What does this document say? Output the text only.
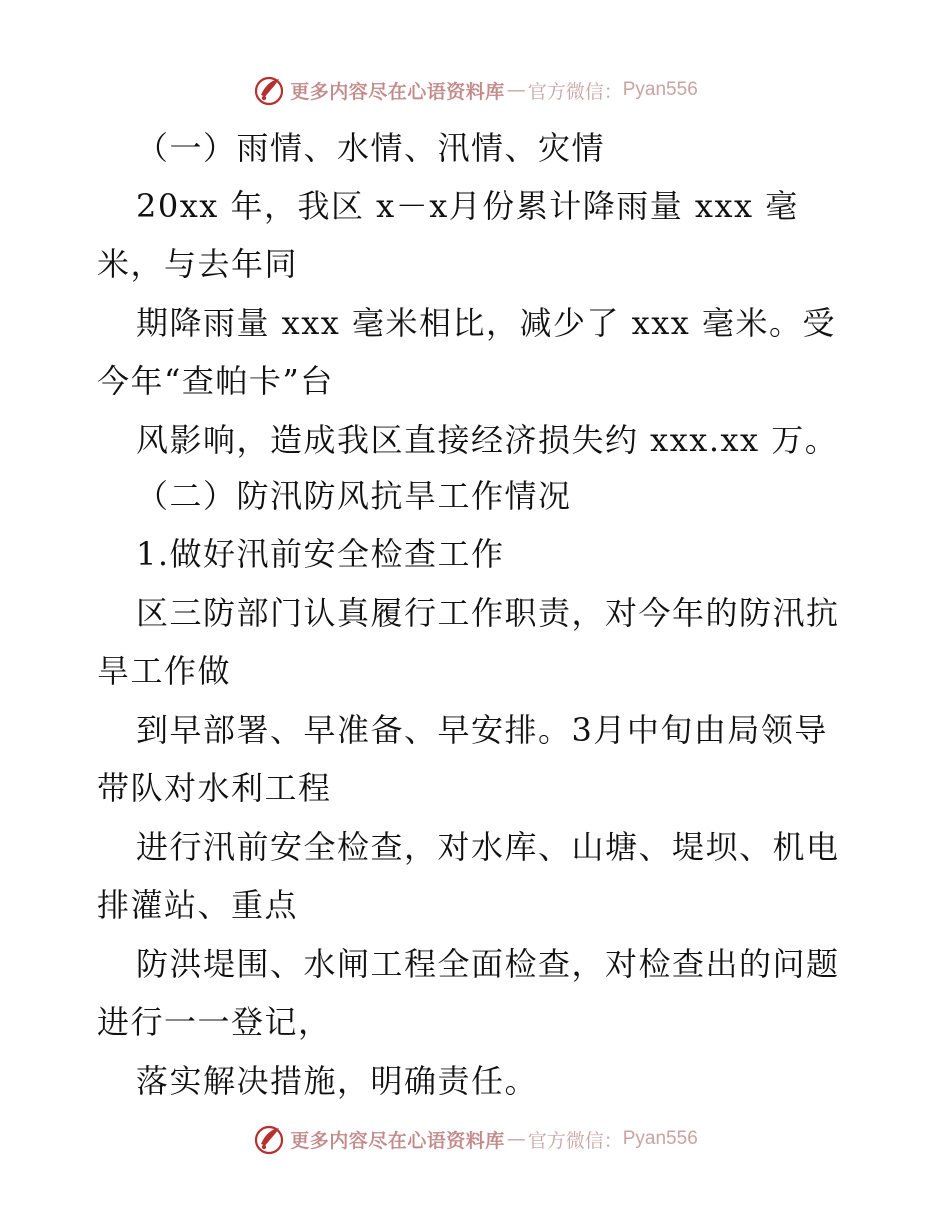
更多内容尽在心语资料库 — 官方微信： Pyan556
（一）雨情、水情、汛情、灾情
20xx 年，我区 x－x月份累计降雨量 xxx 毫
米，与去年同
期降雨量 xxx 毫米相比，减少了 xxx 毫米。受
今年“查帕卡”台
风影响，造成我区直接经济损失约 xxx.xx 万。
（二）防汛防风抗旱工作情况
1.做好汛前安全检查工作
区三防部门认真履行工作职责，对今年的防汛抗
旱工作做
到早部署、早准备、早安排。3月中旬由局领导
带队对水利工程
进行汛前安全检查，对水库、山塘、堤坝、机电
排灌站、重点
防洪堤围、水闸工程全面检查，对检查出的问题
进行一一登记，
落实解决措施，明确责任。
更多内容尽在心语资料库 — 官方微信： Pyan556
